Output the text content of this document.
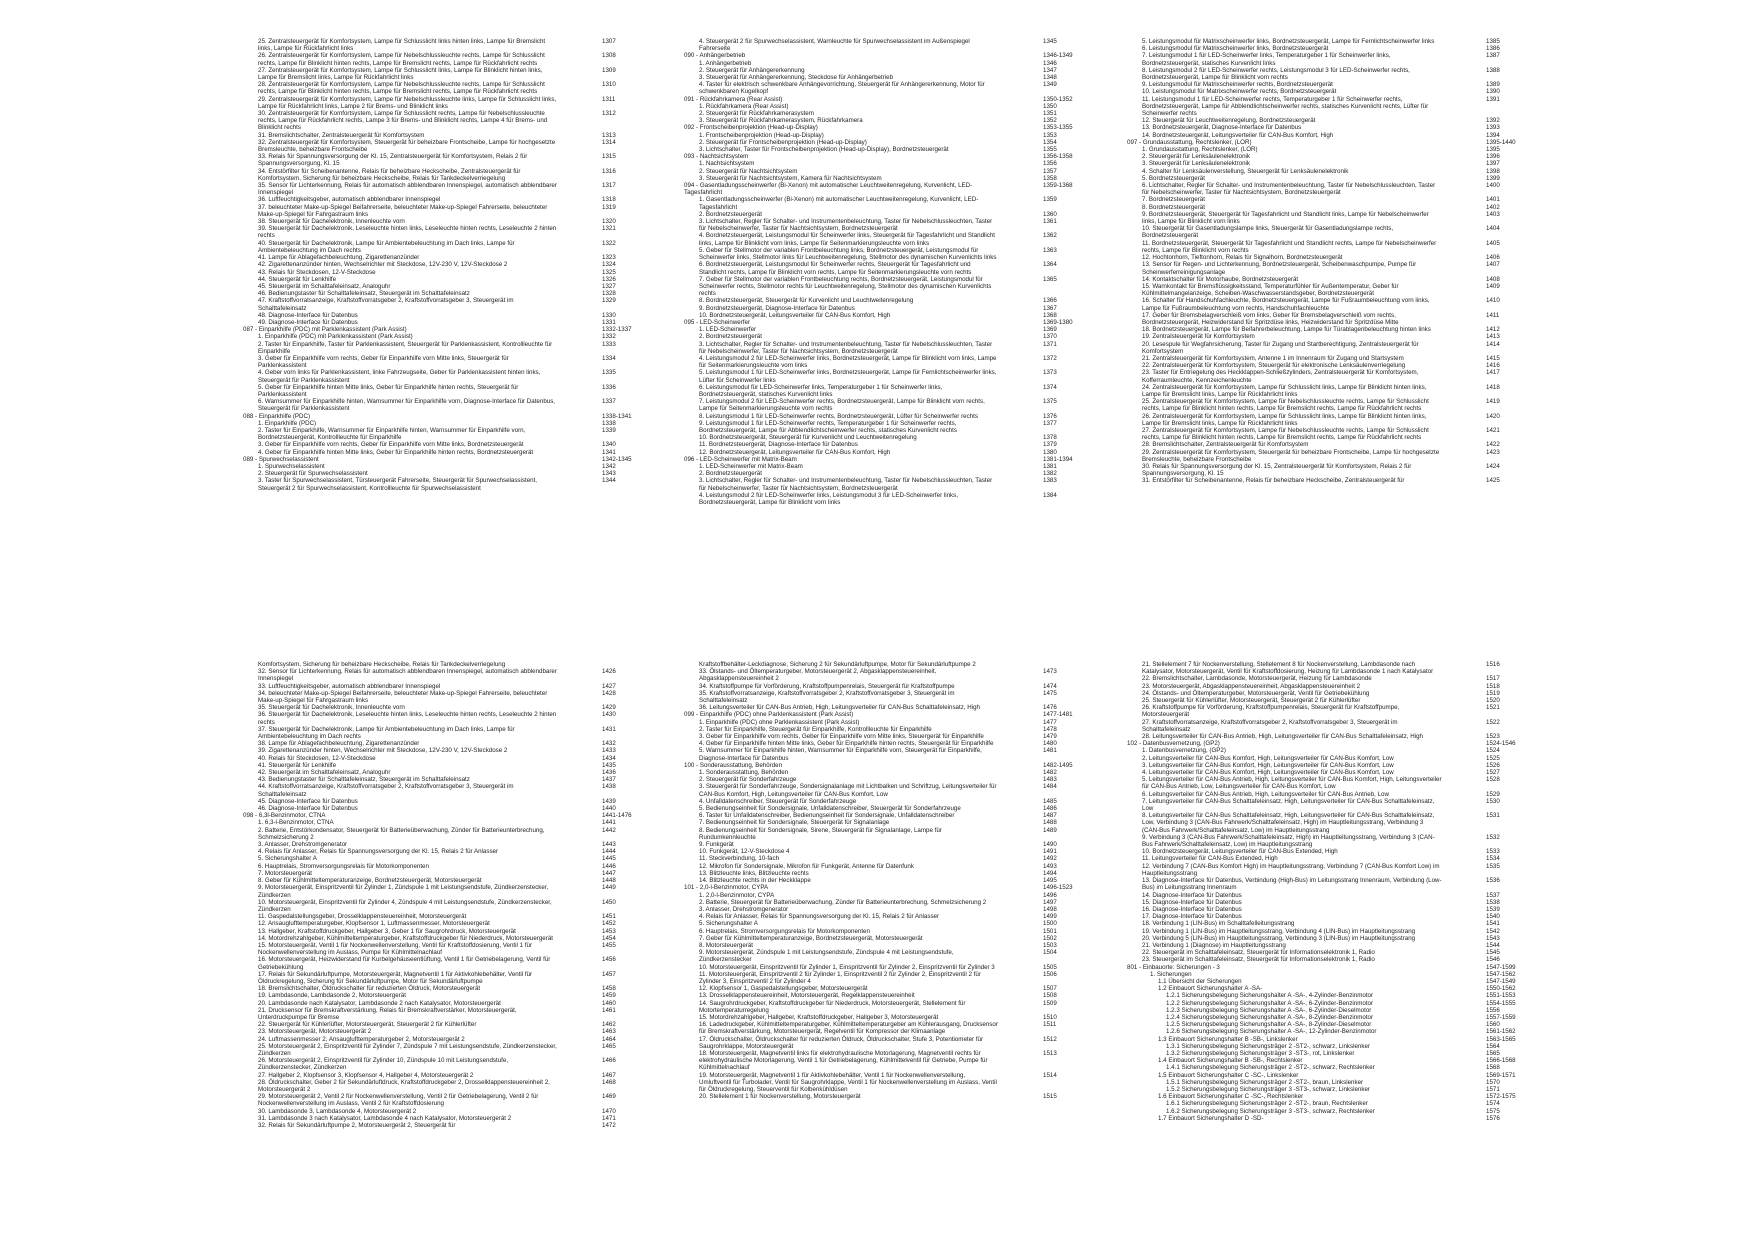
25. Zentralsteuergerät für Komfortsystem, Lampe für Schlusslicht links hinten links, Lampe für Bremslicht links, Lampe für Rückfahrlicht links
1307
26. Zentralsteuergerät für Komfortsystem, Lampe für Nebelschlussleuchte rechts, Lampe für Schlusslicht rechts, Lampe für Blinklicht hinten rechts, Lampe für Bremslicht rechts, Lampe für Rückfahrlicht rechts
1308
27. Zentralsteuergerät für Komfortsystem, Lampe für Schlusslicht links, Lampe für Blinklicht hinten links, Lampe für Bremslicht links, Lampe für Rückfahrlicht links
1309
28. Zentralsteuergerät für Komfortsystem, Lampe für Nebelschlussleuchte rechts, Lampe für Schlusslicht rechts, Lampe für Blinklicht hinten rechts, Lampe für Bremslicht rechts, Lampe für Rückfahrlicht rechts
1310
29. Zentralsteuergerät für Komfortsystem, Lampe für Nebelschlussleuchte links, Lampe für Schlusslicht links, Lampe für Rückfahrlicht links, Lampe 2 für Brems- und Blinklicht links
1311
30. Zentralsteuergerät für Komfortsystem, Lampe für Schlusslicht rechts, Lampe für Nebelschlussleuchte rechts, Lampe für Rückfahrlicht rechts, Lampe 3 für Brems- und Blinklicht rechts, Lampe 4 für Brems- und Blinklicht rechts
1312
31. Bremslichtschalter, Zentralsteuergerät für Komfortsystem	1313
32. Zentralsteuergerät für Komfortsystem, Steuergerät für beheizbare Frontscheibe, Lampe für hochgesetzte Bremsleuchte, beheizbare Frontscheibe
1314
33. Relais für Spannungsversorgung der Kl. 15, Zentralsteuergerät für Komfortsystem, Relais 2 für Spannungsversorgung, Kl. 15
1315
34. Entstörfilter für Scheibenantenne, Relais für beheizbare Heckscheibe, Zentralsteuergerät für Komfortsystem, Sicherung für beheizbare Heckscheibe, Relais für Tankdeckelverriegelung
1316
35. Sensor für Lichterkennung, Relais für automatisch abblendbaren Innenspiegel, automatisch abblendbarer Innenspiegel
1317
36. Luftfeuchtigkeitsgeber, automatisch abblendbarer Innenspiegel	1318
37. beleuchteter Make-up-Spiegel Beifahrerseite, beleuchteter Make-up-Spiegel Fahrerseite, beleuchteter Make-up-Spiegel für Fahrgastraum links
1319
38. Steuergerät für Dachelektronik, Innenleuchte vorn	1320
39. Steuergerät für Dachelektronik, Leseleuchte hinten links, Leseleuchte hinten rechts, Leseleuchte 2 hinten rechts
1321
40. Steuergerät für Dachelektronik, Lampe für Ambientebeleuchtung im Dach links, Lampe für Ambientebeleuchtung im Dach rechts
1322
41. Lampe für Ablagefachbeleuchtung, Zigarettenanzünder	1323
42. Zigarettenanzünder hinten, Wechselrichter mit Steckdose, 12V-230 V, 12V-Steckdose 2	1324
43. Relais für Steckdosen, 12-V-Steckdose	1325
44. Steuergerät für Lenkhilfe	1326
45. Steuergerät im Schalttafeleinsatz, Analoguhr	1327
46. Bedienungstaster für Schalttafeleinsatz, Steuergerät im Schalttafeleinsatz	1328
47. Kraftstoffvorratsanzeige, Kraftstoffvorratsgeber 2, Kraftstoffvorratsgeber 3, Steuergerät im Schalttafeleinsatz
1329
48. Diagnose-Interface für Datenbus	1330
49. Diagnose-Interface für Datenbus	1331
087 - Einparkhilfe (PDC) mit Parklenkassistent (Park Assist)	1332-1337
1. Einparkhilfe (PDC) mit Parklenkassistent (Park Assist)	1332
2. Taster für Einparkhilfe, Taster für Parklenkassistent, Steuergerät für Parklenkassistent, Kontrollleuchte für Einparkhilfe
1333
3. Geber für Einparkhilfe vorn rechts, Geber für Einparkhilfe vorn Mitte links, Steuergerät für Parklenkassistent
1334
4. Geber vorn links für Parklenkassistent, linke Fahrzeugseite, Geber für Parklenkassistent hinten links, Steuergerät für Parklenkassistent
1335
5. Geber für Einparkhilfe hinten Mitte links, Geber für Einparkhilfe hinten rechts, Steuergerät für Parklenkassistent
1336
6. Warnsummer für Einparkhilfe hinten, Warnsummer für Einparkhilfe vorn, Diagnose-Interface für Datenbus, Steuergerät für Parklenkassistent
1337
088 - Einparkhilfe (PDC)	1338-1341
1. Einparkhilfe (PDC)	1338
2. Taster für Einparkhilfe, Warnsummer für Einparkhilfe hinten, Warnsummer für Einparkhilfe vorn, Bordnetzsteuergerät, Kontrollleuchte für Einparkhilfe
1339
3. Geber für Einparkhilfe vorn rechts, Geber für Einparkhilfe vorn Mitte links, Bordnetzsteuergerät	1340
4. Geber für Einparkhilfe hinten Mitte links, Geber für Einparkhilfe hinten rechts, Bordnetzsteuergerät	1341
089 - Spurwechselassistent	1342-1345
1. Spurwechselassistent	1342
2. Steuergerät für Spurwechselassistent	1343
3. Taster für Spurwechselassistent, Türsteuergerät Fahrerseite, Steuergerät für Spurwechselassistent, Steuergerät 2 für Spurwechselassistent, Kontrollleuchte für Spurwechselassistent
1344
4. Steuergerät 2 für Spurwechselassistent, Warnleuchte für Spurwechselassistent im Außenspiegel Fahrerseite
1345
090 - Anhängerbetrieb	1346-1349
1. Anhängerbetrieb	1346
2. Steuergerät für Anhängererkennung	1347
3. Steuergerät für Anhängererkennung, Steckdose für Anhängerbetrieb	1348
4. Taster für elektrisch schwenkbare Anhängevorrichtung, Steuergerät für Anhängererkennung, Motor für schwenkbaren Kugelkopf
1349
091 - Rückfahrkamera (Rear Assist)	1350-1352
1. Rückfahrkamera (Rear Assist)	1350
2. Steuergerät für Rückfahrkamerasystem	1351
3. Steuergerät für Rückfahrkamerasystem, Rückfahrkamera	1352
092 - Frontscheibenprojektion (Head-up-Display)	1353-1355
1. Frontscheibenprojektion (Head-up-Display)	1353
2. Steuergerät für Frontscheibenprojektion (Head-up-Display)	1354
3. Lichtschalter, Taster für Frontscheibenprojektion (Head-up-Display), Bordnetzsteuergerät	1355
093 - Nachtsichtsystem	1356-1358
1. Nachtsichtsystem	1356
2. Steuergerät für Nachtsichtsystem	1357
3. Steuergerät für Nachtsichtsystem, Kamera für Nachtsichtsystem	1358
094 - Gasentladungsscheinwerfer (Bi-Xenon) mit automatischer Leuchtweitenregelung, Kurvenlicht, LED-Tagesfahrlicht
1359-1368
1. Gasentladungsscheinwerfer (Bi-Xenon) mit automatischer Leuchtweitenregelung, Kurvenlicht, LED-Tagesfahrlicht
1359
2. Bordnetzsteuergerät	1360
3. Lichtschalter, Regler für Schalter- und Instrumentenbeleuchtung, Taster für Nebelschlussleuchten, Taster für Nebelscheinwerfer, Taster für Nachtsichtsystem, Bordnetzsteuergerät
1361
4. Bordnetzsteuergerät, Leistungsmodul für Scheinwerfer links, Steuergerät für Tagesfahrlicht und Standlicht links, Lampe für Blinklicht vorn links, Lampe für Seitenmarkierungsleuchte vorn links
1362
5. Geber für Stellmotor der variablen Frontbeleuchtung links, Bordnetzsteuergerät, Leistungsmodul für Scheinwerfer links, Stellmotor links für Leuchtweitenregelung, Stellmotor des dynamischen Kurvenlichts links
1363
6. Bordnetzsteuergerät, Leistungsmodul für Scheinwerfer rechts, Steuergerät für Tagesfahrlicht und Standlicht rechts, Lampe für Blinklicht vorn rechts, Lampe für Seitenmarkierungsleuchte vorn rechts
1364
7. Geber für Stellmotor der variablen Frontbeleuchtung rechts, Bordnetzsteuergerät, Leistungsmodul für Scheinwerfer rechts, Stellmotor rechts für Leuchtweitenregelung, Stellmotor des dynamischen Kurvenlichts rechts
1365
8. Bordnetzsteuergerät, Steuergerät für Kurvenlicht und Leuchtweitenregelung	1366
9. Bordnetzsteuergerät, Diagnose-Interface für Datenbus	1367
10. Bordnetzsteuergerät, Leitungsverteiler für CAN-Bus Komfort, High	1368
095 - LED-Scheinwerfer	1369-1380
1. LED-Scheinwerfer	1369
2. Bordnetzsteuergerät	1370
3. Lichtschalter, Regler für Schalter- und Instrumentenbeleuchtung, Taster für Nebelschlussleuchten, Taster für Nebelscheinwerfer, Taster für Nachtsichtsystem, Bordnetzsteuergerät
1371
4. Leistungsmodul 2 für LED-Scheinwerfer links, Bordnetzsteuergerät, Lampe für Blinklicht vorn links, Lampe für Seitenmarkierungsleuchte vorn links
1372
5. Leistungsmodul 1 für LED-Scheinwerfer links, Bordnetzsteuergerät, Lampe für Fernlichtscheinwerfer links, Lüfter für Scheinwerfer links
1373
6. Leistungsmodul für LED-Scheinwerfer links, Temperaturgeber 1 für Scheinwerfer links, Bordnetzsteuergerät, statisches Kurvenlicht links
1374
7. Leistungsmodul 2 für LED-Scheinwerfer rechts, Bordnetzsteuergerät, Lampe für Blinklicht vorn rechts, Lampe für Seitenmarkierungsleuchte vorn rechts
1375
8. Leistungsmodul 1 für LED-Scheinwerfer rechts, Bordnetzsteuergerät, Lüfter für Scheinwerfer rechts	1376
9. Leistungsmodul 1 für LED-Scheinwerfer rechts, Temperaturgeber 1 für Scheinwerfer rechts, Bordnetzsteuergerät, Lampe für Abblendlichtscheinwerfer rechts, statisches Kurvenlicht rechts
1377
10. Bordnetzsteuergerät, Steuergerät für Kurvenlicht und Leuchtweitenregelung	1378
11. Bordnetzsteuergerät, Diagnose-Interface für Datenbus	1379
12. Bordnetzsteuergerät, Leitungsverteiler für CAN-Bus Komfort, High	1380
096 - LED-Scheinwerfer mit Matrix-Beam	1381-1394
1. LED-Scheinwerfer mit Matrix-Beam	1381
2. Bordnetzsteuergerät	1382
3. Lichtschalter, Regler für Schalter- und Instrumentenbeleuchtung, Taster für Nebelschlussleuchten, Taster für Nebelscheinwerfer, Taster für Nachtsichtsystem, Bordnetzsteuergerät
1383
4. Leistungsmodul 2 für LED-Scheinwerfer links, Leistungsmodul 3 für LED-Scheinwerfer links, Bordnetzsteuergerät, Lampe für Blinklicht vorn links
1384
5. Leistungsmodul für Matrixscheinwerfer links, Bordnetzsteuergerät, Lampe für Fernlichtscheinwerfer links	1385
6. Leistungsmodul für Matrixscheinwerfer links, Bordnetzsteuergerät	1386
7. Leistungsmodul 1 für LED-Scheinwerfer links, Temperaturgeber 1 für Scheinwerfer links, Bordnetzsteuergerät, statisches Kurvenlicht links
1387
8. Leistungsmodul 2 für LED-Scheinwerfer rechts, Leistungsmodul 3 für LED-Scheinwerfer rechts, Bordnetzsteuergerät, Lampe für Blinklicht vorn rechts
1388
9. Leistungsmodul für Matrixscheinwerfer rechts, Bordnetzsteuergerät	1389
10. Leistungsmodul für Matrixscheinwerfer rechts, Bordnetzsteuergerät	1390
11. Leistungsmodul 1 für LED-Scheinwerfer rechts, Temperaturgeber 1 für Scheinwerfer rechts, Bordnetzsteuergerät, Lampe für Abblendlichtscheinwerfer rechts, statisches Kurvenlicht rechts, Lüfter für Scheinwerfer rechts
1391
12. Steuergerät für Leuchtweitenregelung, Bordnetzsteuergerät	1392
13. Bordnetzsteuergerät, Diagnose-Interface für Datenbus	1393
14. Bordnetzsteuergerät, Leitungsverteiler für CAN-Bus Komfort, High	1394
097 - Grundausstattung, Rechtslenker, (LOR)	1395-1440
1. Grundausstattung, Rechtslenker, (LOR)	1395
2. Steuergerät für Lenksäulenelektronik	1396
3. Steuergerät für Lenksäulenelektronik	1397
4. Schalter für Lenksäulenverstellung, Steuergerät für Lenksäulenelektronik	1398
5. Bordnetzsteuergerät	1399
6. Lichtschalter, Regler für Schalter- und Instrumentenbeleuchtung, Taster für Nebelschlussleuchten, Taster für Nebelscheinwerfer, Taster für Nachtsichtsystem, Bordnetzsteuergerät
1400
7. Bordnetzsteuergerät	1401
8. Bordnetzsteuergerät	1402
9. Bordnetzsteuergerät, Steuergerät für Tagesfahrlicht und Standlicht links, Lampe für Nebelscheinwerfer links, Lampe für Blinklicht vorn links
1403
10. Steuergerät für Gasentladungslampe links, Steuergerät für Gasentladungslampe rechts, Bordnetzsteuergerät
1404
11. Bordnetzsteuergerät, Steuergerät für Tagesfahrlicht und Standlicht rechts, Lampe für Nebelscheinwerfer rechts, Lampe für Blinklicht vorn rechts
1405
12. Hochtonhorn, Tieftonhorn, Relais für Signalhorn, Bordnetzsteuergerät	1406
13. Sensor für Regen- und Lichterkennung, Bordnetzsteuergerät, Scheibenwaschpumpe, Pumpe für Scheinwerferreinigungsanlage
1407
14. Kontaktschalter für Motorhaube, Bordnetzsteuergerät	1408
15. Warnkontakt für Bremsflüssigkeitsstand, Temperaturfühler für Außentemperatur, Geber für Kühlmittelmangelanzeige, Scheiben-Waschwasserstandsgeber, Bordnetzsteuergerät
1409
16. Schalter für Handschuhfachleuchte, Bordnetzsteuergerät, Lampe für Fußraumbeleuchtung vorn links, Lampe für Fußraumbeleuchtung vorn rechts, Handschuhfachleuchte
1410
17. Geber für Bremsbelagverschleiß vorn links, Geber für Bremsbelagverschleiß vorn rechts, Bordnetzsteuergerät, Heizwiderstand für Spritzdüse links, Heizwiderstand für Spritzdüse Mitte
1411
18. Bordnetzsteuergerät, Lampe für Beifahrerbeleuchtung, Lampe für Türablagenbeleuchtung hinten links	1412
19. Zentralsteuergerät für Komfortsystem	1413
20. Lesespule für Wegfahrsicherung, Taster für Zugang und Startberechtigung, Zentralsteuergerät für Komfortsystem
1414
21. Zentralsteuergerät für Komfortsystem, Antenne 1 im Innenraum für Zugang und Startsystem	1415
22. Zentralsteuergerät für Komfortsystem, Steuergerät für elektronische Lenksäulenverriegelung	1416
23. Taster für Entriegelung des Heckklappen-Schließzylinders, Zentralsteuergerät für Komfortsystem, Kofferraumleuchte, Kennzeichenleuchte
1417
24. Zentralsteuergerät für Komfortsystem, Lampe für Schlusslicht links, Lampe für Blinklicht hinten links, Lampe für Bremslicht links, Lampe für Rückfahrlicht links
1418
25. Zentralsteuergerät für Komfortsystem, Lampe für Nebelschlussleuchte rechts, Lampe für Schlusslicht rechts, Lampe für Blinklicht hinten rechts, Lampe für Bremslicht rechts, Lampe für Rückfahrlicht rechts
1419
26. Zentralsteuergerät für Komfortsystem, Lampe für Schlusslicht links, Lampe für Blinklicht hinten links, Lampe für Bremslicht links, Lampe für Rückfahrlicht links
1420
27. Zentralsteuergerät für Komfortsystem, Lampe für Nebelschlussleuchte rechts, Lampe für Schlusslicht rechts, Lampe für Blinklicht hinten rechts, Lampe für Bremslicht rechts, Lampe für Rückfahrlicht rechts
1421
28. Bremslichtschalter, Zentralsteuergerät für Komfortsystem	1422
29. Zentralsteuergerät für Komfortsystem, Steuergerät für beheizbare Frontscheibe, Lampe für hochgesetzte Bremsleuchte, beheizbare Frontscheibe
1423
30. Relais für Spannungsversorgung der Kl. 15, Zentralsteuergerät für Komfortsystem, Relais 2 für Spannungsversorgung, Kl. 15
1424
31. Entstörfilter für Scheibenantenne, Relais für beheizbare Heckscheibe, Zentralsteuergerät für	1425
Komfortsystem, Sicherung für beheizbare Heckscheibe, Relais für Tankdeckelverriegelung
32. Sensor für Lichterkennung, Relais für automatisch abblendbaren Innenspiegel, automatisch abblendbarer Innenspiegel
1426
33. Luftfeuchtigkeitsgeber, automatisch abblendbarer Innenspiegel	1427
34. beleuchteter Make-up-Spiegel Beifahrerseite, beleuchteter Make-up-Spiegel Fahrerseite, beleuchteter Make-up-Spiegel für Fahrgastraum links
1428
35. Steuergerät für Dachelektronik, Innenleuchte vorn	1429
36. Steuergerät für Dachelektronik, Leseleuchte hinten links, Leseleuchte hinten rechts, Leseleuchte 2 hinten rechts
1430
37. Steuergerät für Dachelektronik, Lampe für Ambientebeleuchtung im Dach links, Lampe für Ambientebeleuchtung im Dach rechts
1431
38. Lampe für Ablagefachbeleuchtung, Zigarettenanzünder	1432
39. Zigarettenanzünder hinten, Wechselrichter mit Steckdose, 12V-230 V, 12V-Steckdose 2	1433
40. Relais für Steckdosen, 12-V-Steckdose	1434
41. Steuergerät für Lenkhilfe	1435
42. Steuergerät im Schalttafeleinsatz, Analoguhr	1436
43. Bedienungstaster für Schalttafeleinsatz, Steuergerät im Schalttafeleinsatz	1437
44. Kraftstoffvorratsanzeige, Kraftstoffvorratsgeber 2, Kraftstoffvorratsgeber 3, Steuergerät im Schalttafeleinsatz
1438
45. Diagnose-Interface für Datenbus	1439
46. Diagnose-Interface für Datenbus	1440
098 - 6,3l-Benzinmotor, CTNA	1441-1476
1. 6,3-l-Benzinmotor, CTNA	1441
2. Batterie, Entstörkondensator, Steuergerät für Batterieüberwachung, Zünder für Batterieunterbrechung, Schmelzsicherung 2
1442
3. Anlasser, Drehstromgenerator	1443
4. Relais für Anlasser, Relais für Spannungsversorgung der Kl. 15, Relais 2 für Anlasser	1444
5. Sicherungshalter A	1445
6. Hauptrelais, Stromversorgungsrelais für Motorkomponenten	1446
7. Motorsteuergerät	1447
8. Geber für Kühlmitteltemperaturanzeige, Bordnetzsteuergerät, Motorsteuergerät	1448
9. Motorsteuergerät, Einspritzventil für Zylinder 1, Zündspule 1 mit Leistungsendstufe, Zündkerzenstecker, Zündkerzen
1449
10. Motorsteuergerät, Einspritzventil für Zylinder 4, Zündspule 4 mit Leistungsendstufe, Zündkerzenstecker, Zündkerzen
1450
11. Gaspedalstellungsgeber, Drosselklappensteuereinheit, Motorsteuergerät	1451
12. Ansauglufttemperaturgeber, Klopfsensor 1, Luftmassenmesser, Motorsteuergerät	1452
13. Hallgeber, Kraftstoffdruckgeber, Hallgeber 3, Geber 1 für Saugrohrdruck, Motorsteuergerät	1453
14. Motordrehzahlgeber, Kühlmitteltemperaturgeber, Kraftstoffdruckgeber für Niederdruck, Motorsteuergerät	1454
15. Motorsteuergerät, Ventil 1 für Nockenwellenverstellung, Ventil für Kraftstoffdosierung, Ventil 1 für Nockenwellenverstellung im Auslass, Pumpe für Kühlmittelnachlauf
1455
16. Motorsteuergerät, Heizwiderstand für Kurbelgehäuseentlüftung, Ventil 1 für Getriebelagerung, Ventil für Getriebekühlung
1456
17. Relais für Sekundärluftpumpe, Motorsteuergerät, Magnetventil 1 für Aktivkohlebehälter, Ventil für Öldruckregelung, Sicherung für Sekundärluftpumpe, Motor für Sekundärluftpumpe
1457
18. Bremslichtschalter, Öldruckschalter für reduzierten Öldruck, Motorsteuergerät	1458
19. Lambdasonde, Lambdasonde 2, Motorsteuergerät	1459
20. Lambdasonde nach Katalysator, Lambdasonde 2 nach Katalysator, Motorsteuergerät	1460
21. Drucksensor für Bremskraftverstärkung, Relais für Bremskraftverstärker, Motorsteuergerät, Unterdruckpumpe für Bremse
1461
22. Steuergerät für Kühlerlüfter, Motorsteuergerät, Steuergerät 2 für Kühlerlüfter	1462
23. Motorsteuergerät, Motorsteuergerät 2	1463
24. Luftmassenmesser 2, Ansauglufttemperaturgeber 2, Motorsteuergerät 2	1464
25. Motorsteuergerät 2, Einspritzventil für Zylinder 7, Zündspule 7 mit Leistungsendstufe, Zündkerzenstecker, Zündkerzen
1465
26. Motorsteuergerät 2, Einspritzventil für Zylinder 10, Zündspule 10 mit Leistungsendstufe, Zündkerzenstecker, Zündkerzen
1466
27. Hallgeber 2, Klopfsensor 3, Klopfsensor 4, Hallgeber 4, Motorsteuergerät 2	1467
28. Öldruckschalter, Geber 2 für Sekundärluftdruck, Kraftstoffdruckgeber 2, Drosselklappensteuereinheit 2, Motorsteuergerät 2
1468
29. Motorsteuergerät 2, Ventil 2 für Nockenwellenverstellung, Ventil 2 für Getriebelagerung, Ventil 2 für Nockenwellenverstellung im Auslass, Ventil 2 für Kraftstoffdosierung
1469
30. Lambdasonde 3, Lambdasonde 4, Motorsteuergerät 2	1470
31. Lambdasonde 3 nach Katalysator, Lambdasonde 4 nach Katalysator, Motorsteuergerät 2	1471
32. Relais für Sekundärluftpumpe 2, Motorsteuergerät 2, Steuergerät für	1472
Kraftstoffbehälter-Leckdiagnose, Sicherung 2 für Sekundärluftpumpe, Motor für Sekundärluftpumpe 2
33. Ölstands- und Öltemperaturgeber, Motorsteuergerät 2, Abgasklappensteuereinheit, Abgasklappensteuereinheit 2
1473
34. Kraftstoffpumpe für Vorförderung, Kraftstoffpumpenrelais, Steuergerät für Kraftstoffpumpe	1474
35. Kraftstoffvorratsanzeige, Kraftstoffvorratsgeber 2, Kraftstoffvorratsgeber 3, Steuergerät im Schalttafeleinsatz
1475
36. Leitungsverteiler für CAN-Bus Antrieb, High, Leitungsverteiler für CAN-Bus Schalttafeleinsatz, High	1476
099 - Einparkhilfe (PDC) ohne Parklenkassistent (Park Assist)	1477-1481
1. Einparkhilfe (PDC) ohne Parklenkassistent (Park Assist)	1477
2. Taster für Einparkhilfe, Steuergerät für Einparkhilfe, Kontrollleuchte für Einparkhilfe	1478
3. Geber für Einparkhilfe vorn rechts, Geber für Einparkhilfe vorn Mitte links, Steuergerät für Einparkhilfe	1479
4. Geber für Einparkhilfe hinten Mitte links, Geber für Einparkhilfe hinten rechts, Steuergerät für Einparkhilfe	1480
5. Warnsummer für Einparkhilfe hinten, Warnsummer für Einparkhilfe vorn, Steuergerät für Einparkhilfe, Diagnose-Interface für Datenbus
1481
100 - Sonderausstattung, Behörden	1482-1495
1. Sonderausstattung, Behörden	1482
2. Steuergerät für Sonderfahrzeuge	1483
3. Steuergerät für Sonderfahrzeuge, Sondersignalanlage mit Lichtbalken und Schriftzug, Leitungsverteiler für CAN-Bus Komfort, High, Leitungsverteiler für CAN-Bus Komfort, Low
1484
4. Unfalldatenschreiber, Steuergerät für Sonderfahrzeuge	1485
5. Bedienungseinheit für Sondersignale, Unfalldatenschreiber, Steuergerät für Sonderfahrzeuge	1486
6. Taster für Unfalldatenschreiber, Bedienungseinheit für Sondersignale, Unfalldatenschreiber	1487
7. Bedienungseinheit für Sondersignale, Steuergerät für Signalanlage	1488
8. Bedienungseinheit für Sondersignale, Sirene, Steuergerät für Signalanlage, Lampe für Rundumkennleuchte
1489
9. Funkgerät	1490
10. Funkgerät, 12-V-Steckdose 4	1491
11. Steckverbindung, 10-fach	1492
12. Mikrofon für Sondersignale, Mikrofon für Funkgerät, Antenne für Datenfunk	1493
13. Blitzleuchte links, Blitzleuchte rechts	1494
14. Blitzleuchte rechts in der Heckklappe	1495
101 - 2,0-l-Benzinmotor, CYPA	1496-1523
1. 2,0-l-Benzinmotor, CYPA	1496
2. Batterie, Steuergerät für Batterieüberwachung, Zünder für Batterieunterbrechung, Schmelzsicherung 2	1497
3. Anlasser, Drehstromgenerator	1498
4. Relais für Anlasser, Relais für Spannungsversorgung der Kl. 15, Relais 2 für Anlasser	1499
5. Sicherungshalter A	1500
6. Hauptrelais, Stromversorgungsrelais für Motorkomponenten	1501
7. Geber für Kühlmitteltemperaturanzeige, Bordnetzsteuergerät, Motorsteuergerät	1502
8. Motorsteuergerät	1503
9. Motorsteuergerät, Zündspule 1 mit Leistungsendstufe, Zündspule 4 mit Leistungsendstufe, Zündkerzenstecker
1504
10. Motorsteuergerät, Einspritzventil für Zylinder 1, Einspritzventil für Zylinder 2, Einspritzventil für Zylinder 3	1505
11. Motorsteuergerät, Einspritzventil 2 für Zylinder 1, Einspritzventil 2 für Zylinder 2, Einspritzventil 2 für Zylinder 3, Einspritzventil 2 für Zylinder 4
1506
12. Klopfsensor 1, Gaspedalstellungsgeber, Motorsteuergerät	1507
13. Drosselklappensteuereinheit, Motorsteuergerät, Regelklappensteuereinheit	1508
14. Saugrohrdruckgeber, Kraftstoffdruckgeber für Niederdruck, Motorsteuergerät, Stellelement für Motortemperaturregelung
1509
15. Motordrehzahlgeber, Hallgeber, Kraftstoffdruckgeber, Hallgeber 3, Motorsteuergerät	1510
16. Ladedruckgeber, Kühlmitteltemperaturgeber, Kühlmitteltemperaturgeber am Kühlerausgang, Drucksensor für Bremskraftverstärkung, Motorsteuergerät, Regelventil für Kompressor der Klimaanlage
1511
17. Öldruckschalter, Öldruckschalter für reduzierten Öldruck, Öldruckschalter, Stufe 3, Potentiometer für Saugrohrklappe, Motorsteuergerät
1512
18. Motorsteuergerät, Magnetventil links für elektrohydraulische Motorlagerung, Magnetventil rechts für elektrohydraulische Motorlagerung, Ventil 1 für Getriebelagerung, Kühlmittelventil für Getriebe, Pumpe für Kühlmittelnachlauf
1513
19. Motorsteuergerät, Magnetventil 1 für Aktivkohlebehälter, Ventil 1 für Nockenwellenverstellung, Umluftventil für Turbolader, Ventil für Saugrohrklappe, Ventil 1 für Nockenwellenverstellung im Auslass, Ventil für Öldruckregelung, Steuerventil für Kolbenkühldüsen
1514
20. Stellelement 1 für Nockenverstellung, Motorsteuergerät	1515
21. Stellelement 7 für Nockenverstellung, Stellelement 8 für Nockenverstellung, Lambdasonde nach Katalysator, Motorsteuergerät, Ventil für Kraftstoffdosierung, Heizung für Lambdasonde 1 nach Katalysator
1516
22. Bremslichtschalter, Lambdasonde, Motorsteuergerät, Heizung für Lambdasonde	1517
23. Motorsteuergerät, Abgasklappensteuereinheit, Abgasklappensteuereinheit 2	1518
24. Ölstands- und Öltemperaturgeber, Motorsteuergerät, Ventil für Getriebekühlung	1519
25. Steuergerät für Kühlerlüfter, Motorsteuergerät, Steuergerät 2 für Kühlerlüfter	1520
26. Kraftstoffpumpe für Vorförderung, Kraftstoffpumpenrelais, Steuergerät für Kraftstoffpumpe, Motorsteuergerät
1521
27. Kraftstoffvorratsanzeige, Kraftstoffvorratsgeber 2, Kraftstoffvorratsgeber 3, Steuergerät im Schalttafeleinsatz
1522
28. Leitungsverteiler für CAN-Bus Antrieb, High, Leitungsverteiler für CAN-Bus Schalttafeleinsatz, High	1523
102 - Datenbusvernetzung, (GP2)	1524-1546
1. Datenbusvernetzung, (GP2)	1524
2. Leitungsverteiler für CAN-Bus Komfort, High, Leitungsverteiler für CAN-Bus Komfort, Low	1525
3. Leitungsverteiler für CAN-Bus Komfort, High, Leitungsverteiler für CAN-Bus Komfort, Low	1526
4. Leitungsverteiler für CAN-Bus Komfort, High, Leitungsverteiler für CAN-Bus Komfort, Low	1527
5. Leitungsverteiler für CAN-Bus Antrieb, High, Leitungsverteiler für CAN-Bus Komfort, High, Leitungsverteiler für CAN-Bus Antrieb, Low, Leitungsverteiler für CAN-Bus Komfort, Low
1528
6. Leitungsverteiler für CAN-Bus Antrieb, High, Leitungsverteiler für CAN-Bus Antrieb, Low	1529
7. Leitungsverteiler für CAN-Bus Schalttafeleinsatz, High, Leitungsverteiler für CAN-Bus Schalttafeleinsatz, Low
1530
8. Leitungsverteiler für CAN-Bus Schalttafeleinsatz, High, Leitungsverteiler für CAN-Bus Schalttafeleinsatz, Low, Verbindung 3 (CAN-Bus Fahrwerk/Schalttafeleinsatz, High) im Hauptleitungsstrang, Verbindung 3 (CAN-Bus Fahrwerk/Schalttafeleinsatz, Low) im Hauptleitungsstrang
1531
9. Verbindung 3 (CAN-Bus Fahrwerk/Schalttafeleinsatz, High) im Hauptleitungsstrang, Verbindung 3 (CAN-Bus Fahrwerk/Schalttafeleinsatz, Low) im Hauptleitungsstrang
1532
10. Bordnetzsteuergerät, Leitungsverteiler für CAN-Bus Extended, High	1533
11. Leitungsverteiler für CAN-Bus Extended, High	1534
12. Verbindung 7 (CAN-Bus Komfort High) im Hauptleitungsstrang, Verbindung 7 (CAN-Bus Komfort Low) im Hauptleitungsstrang
1535
13. Diagnose-Interface für Datenbus, Verbindung (High-Bus) im Leitungsstrang Innenraum, Verbindung (Low-Bus) im Leitungsstrang Innenraum
1536
14. Diagnose-Interface für Datenbus	1537
15. Diagnose-Interface für Datenbus	1538
16. Diagnose-Interface für Datenbus	1539
17. Diagnose-Interface für Datenbus	1540
18. Verbindung 1 (LIN-Bus) im Schalttafelleitungsstrang	1541
19. Verbindung 1 (LIN-Bus) im Hauptleitungsstrang, Verbindung 4 (LIN-Bus) im Hauptleitungsstrang	1542
20. Verbindung 5 (LIN-Bus) im Hauptleitungsstrang, Verbindung 3 (LIN-Bus) im Hauptleitungsstrang	1543
21. Verbindung 1 (Diagnose) im Hauptleitungsstrang	1544
22. Steuergerät im Schalttafeleinsatz, Steuergerät für Informationselektronik 1, Radio	1545
23. Steuergerät im Schalttafeleinsatz, Steuergerät für Informationselektronik 1, Radio	1546
801 - Einbauorte: Sicherungen - 3	1547-1599
1. Sicherungen	1547-1562
1.1 Übersicht der Sicherungen	1547-1549
1.2 Einbauort Sicherungshalter A -SA-	1550-1562
1.2.1 Sicherungsbelegung Sicherungshalter A -SA-, 4-Zylinder-Benzinmotor	1551-1553
1.2.2 Sicherungsbelegung Sicherungshalter A -SA-, 6-Zylinder-Benzinmotor	1554-1555
1.2.3 Sicherungsbelegung Sicherungshalter A -SA-, 6-Zylinder-Dieselmotor	1556
1.2.4 Sicherungsbelegung Sicherungshalter A -SA-, 8-Zylinder-Benzinmotor	1557-1559
1.2.5 Sicherungsbelegung Sicherungshalter A -SA-, 8-Zylinder-Dieselmotor	1560
1.2.6 Sicherungsbelegung Sicherungshalter A -SA-, 12-Zylinder-Benzinmotor	1561-1562
1.3 Einbauort Sicherungshalter B -SB-, Linkslenker	1563-1565
1.3.1 Sicherungsbelegung Sicherungsträger 2 -ST2-, schwarz, Linkslenker	1564
1.3.2 Sicherungsbelegung Sicherungsträger 3 -ST3-, rot, Linkslenker	1565
1.4 Einbauort Sicherungshalter B -SB-, Rechtslenker	1566-1568
1.4.1 Sicherungsbelegung Sicherungsträger 2 -ST2-, schwarz, Rechtslenker	1568
1.5 Einbauort Sicherungshalter C -SC-, Linkslenker	1569-1571
1.5.1 Sicherungsbelegung Sicherungsträger 2 -ST2-, braun, Linkslenker	1570
1.5.2 Sicherungsbelegung Sicherungsträger 3 -ST3-, schwarz, Linkslenker	1571
1.6 Einbauort Sicherungshalter C -SC-, Rechtslenker	1572-1575
1.6.1 Sicherungsbelegung Sicherungsträger 2 -ST2-, braun, Rechtslenker	1574
1.6.2 Sicherungsbelegung Sicherungsträger 3 -ST3-, schwarz, Rechtslenker	1575
1.7 Einbauort Sicherungshalter D -SD-	1576
